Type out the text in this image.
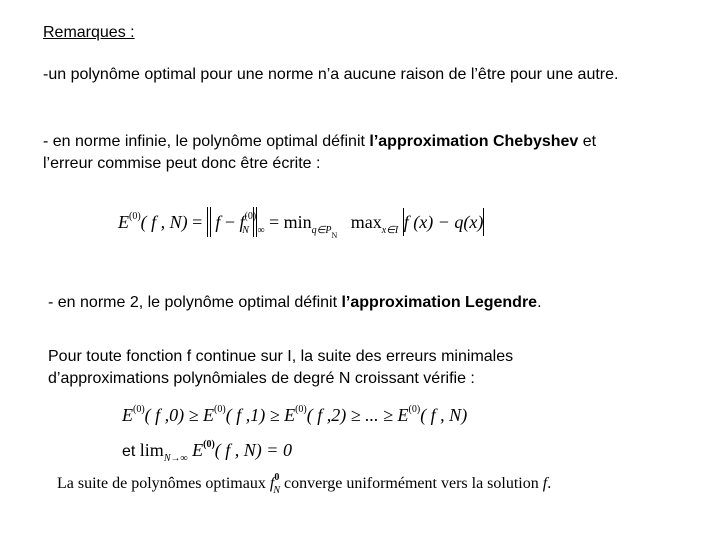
Remarques :
-un polynôme optimal pour une norme n’a aucune raison de l’être pour une autre.
- en norme infinie, le polynôme optimal définit l’approximation Chebyshev et
l’erreur commise peut donc être écrite :
$E^{(0)}$( f , $N) = f - f^{(0)}_N$ $_\infty = \min_{q\in P_N} \max_{x\in I} f$ (x) − q(x)
- en norme 2, le polynôme optimal définit l’approximation Legendre.
Pour toute fonction f continue sur I, la suite des erreurs minimales
d’approximations polynômiales de degré N croissant vérifie :
$E^{(0)}$( f $,0) \ge E^{(0)}$( f $,1) \ge E^{(0)}$( f ,2) ≥ ... ≥ $E^{(0)}$( f , N)
et $\lim_{N\to\infty} E^{(0)}$( f , N) = 0
La suite de polynômes optimaux $f^0_N$ converge uniformément vers la solution f.
